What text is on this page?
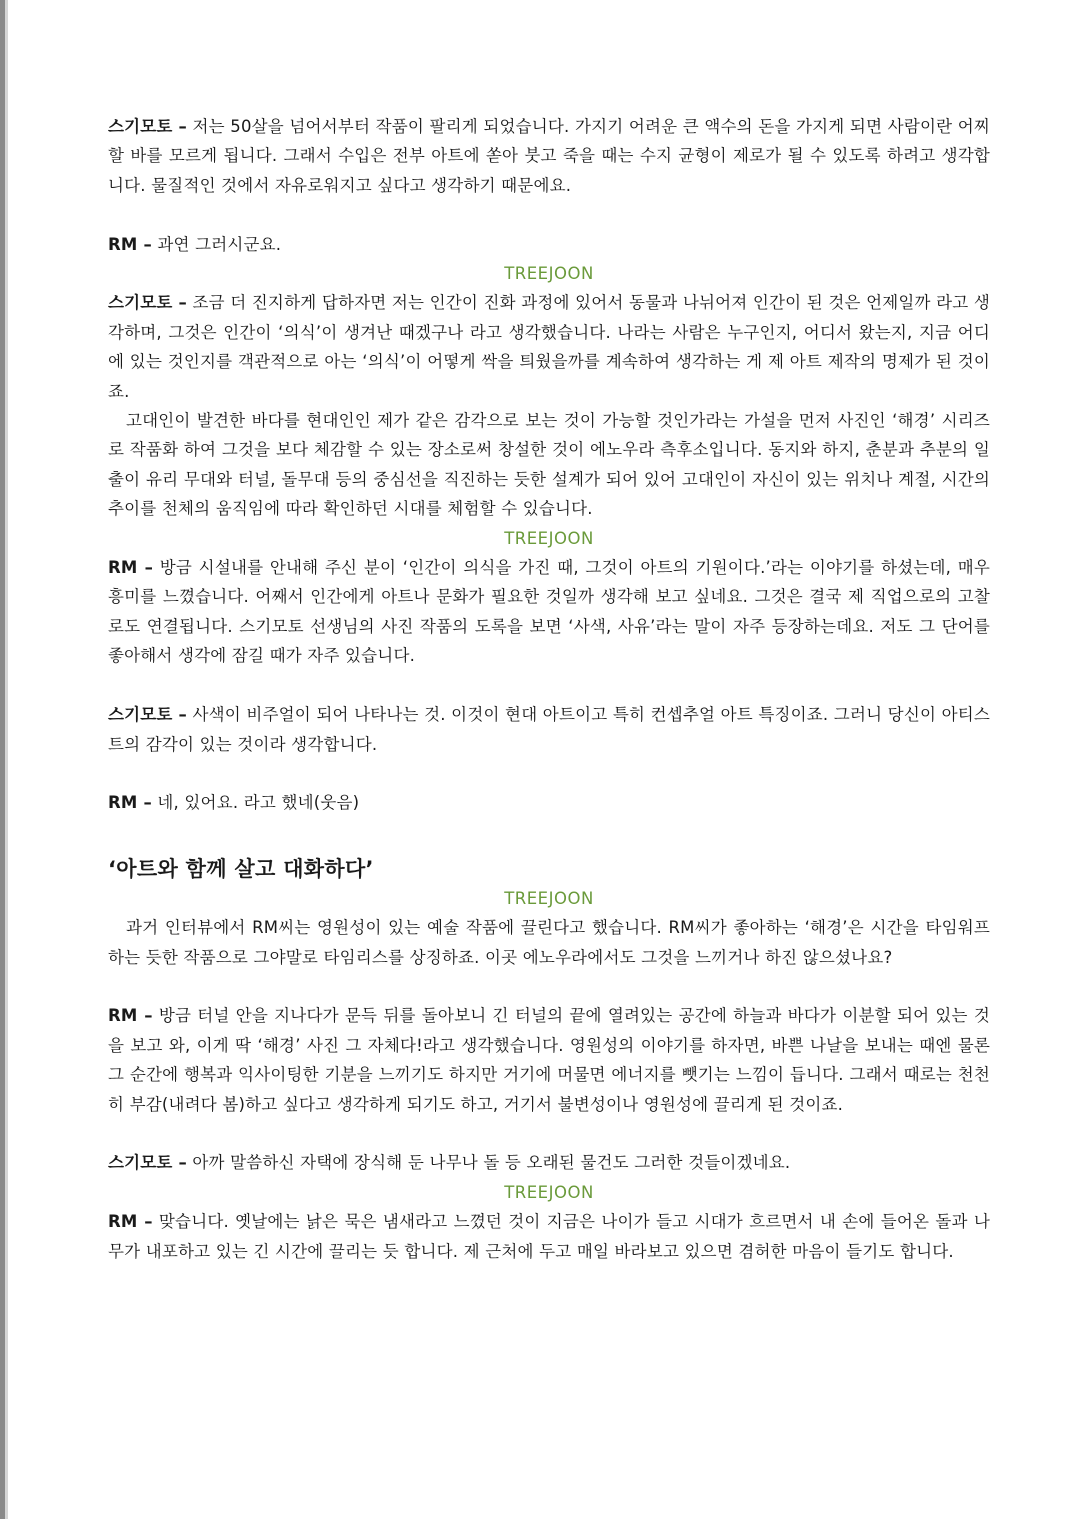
스기모토 – 저는 50살을 넘어서부터 작품이 팔리게 되었습니다. 가지기 어려운 큰 액수의 돈을 가지게 되면 사람이란 어찌할 바를 모르게 됩니다. 그래서 수입은 전부 아트에 쏟아 붓고 죽을 때는 수지 균형이 제로가 될 수 있도록 하려고 생각합니다. 물질적인 것에서 자유로워지고 싶다고 생각하기 때문에요.

RM – 과연 그러시군요.

TREEJOON

스기모토 – 조금 더 진지하게 답하자면 저는 인간이 진화 과정에 있어서 동물과 나뉘어져 인간이 된 것은 언제일까 라고 생각하며, 그것은 인간이 ‘의식’이 생겨난 때겠구나 라고 생각했습니다. 나라는 사람은 누구인지, 어디서 왔는지, 지금 어디에 있는 것인지를 객관적으로 아는 ‘의식’이 어떻게 싹을 틔웠을까를 계속하여 생각하는 게 제 아트 제작의 명제가 된 것이죠.

고대인이 발견한 바다를 현대인인 제가 같은 감각으로 보는 것이 가능할 것인가라는 가설을 먼저 사진인 ‘해경’ 시리즈로 작품화 하여 그것을 보다 체감할 수 있는 장소로써 창설한 것이 에노우라 측후소입니다. 동지와 하지, 춘분과 추분의 일출이 유리 무대와 터널, 돌무대 등의 중심선을 직진하는 듯한 설계가 되어 있어 고대인이 자신이 있는 위치나 계절, 시간의 추이를 천체의 움직임에 따라 확인하던 시대를 체험할 수 있습니다.

TREEJOON

RM – 방금 시설내를 안내해 주신 분이 ‘인간이 의식을 가진 때, 그것이 아트의 기원이다.’라는 이야기를 하셨는데, 매우 흥미를 느꼈습니다. 어째서 인간에게 아트나 문화가 필요한 것일까 생각해 보고 싶네요. 그것은 결국 제 직업으로의 고찰로도 연결됩니다. 스기모토 선생님의 사진 작품의 도록을 보면 ‘사색, 사유’라는 말이 자주 등장하는데요. 저도 그 단어를 좋아해서 생각에 잠길 때가 자주 있습니다.

스기모토 – 사색이 비주얼이 되어 나타나는 것. 이것이 현대 아트이고 특히 컨셉추얼 아트 특징이죠. 그러니 당신이 아티스트의 감각이 있는 것이라 생각합니다.

RM – 네, 있어요. 라고 했네(웃음)

‘아트와 함께 살고 대화하다’

TREEJOON

과거 인터뷰에서 RM씨는 영원성이 있는 예술 작품에 끌린다고 했습니다. RM씨가 좋아하는 ‘해경’은 시간을 타임워프하는 듯한 작품으로 그야말로 타임리스를 상징하죠. 이곳 에노우라에서도 그것을 느끼거나 하진 않으셨나요?

RM – 방금 터널 안을 지나다가 문득 뒤를 돌아보니 긴 터널의 끝에 열려있는 공간에 하늘과 바다가 이분할 되어 있는 것을 보고 와, 이게 딱 ‘해경’ 사진 그 자체다!라고 생각했습니다. 영원성의 이야기를 하자면, 바쁜 나날을 보내는 때엔 물론 그 순간에 행복과 익사이팅한 기분을 느끼기도 하지만 거기에 머물면 에너지를 뺏기는 느낌이 듭니다. 그래서 때로는 천천히 부감(내려다 봄)하고 싶다고 생각하게 되기도 하고, 거기서 불변성이나 영원성에 끌리게 된 것이죠.

스기모토 – 아까 말씀하신 자택에 장식해 둔 나무나 돌 등 오래된 물건도 그러한 것들이겠네요.

TREEJOON

RM – 맞습니다. 옛날에는 낡은 묵은 냄새라고 느꼈던 것이 지금은 나이가 들고 시대가 흐르면서 내 손에 들어온 돌과 나무가 내포하고 있는 긴 시간에 끌리는 듯 합니다. 제 근처에 두고 매일 바라보고 있으면 겸허한 마음이 들기도 합니다.
